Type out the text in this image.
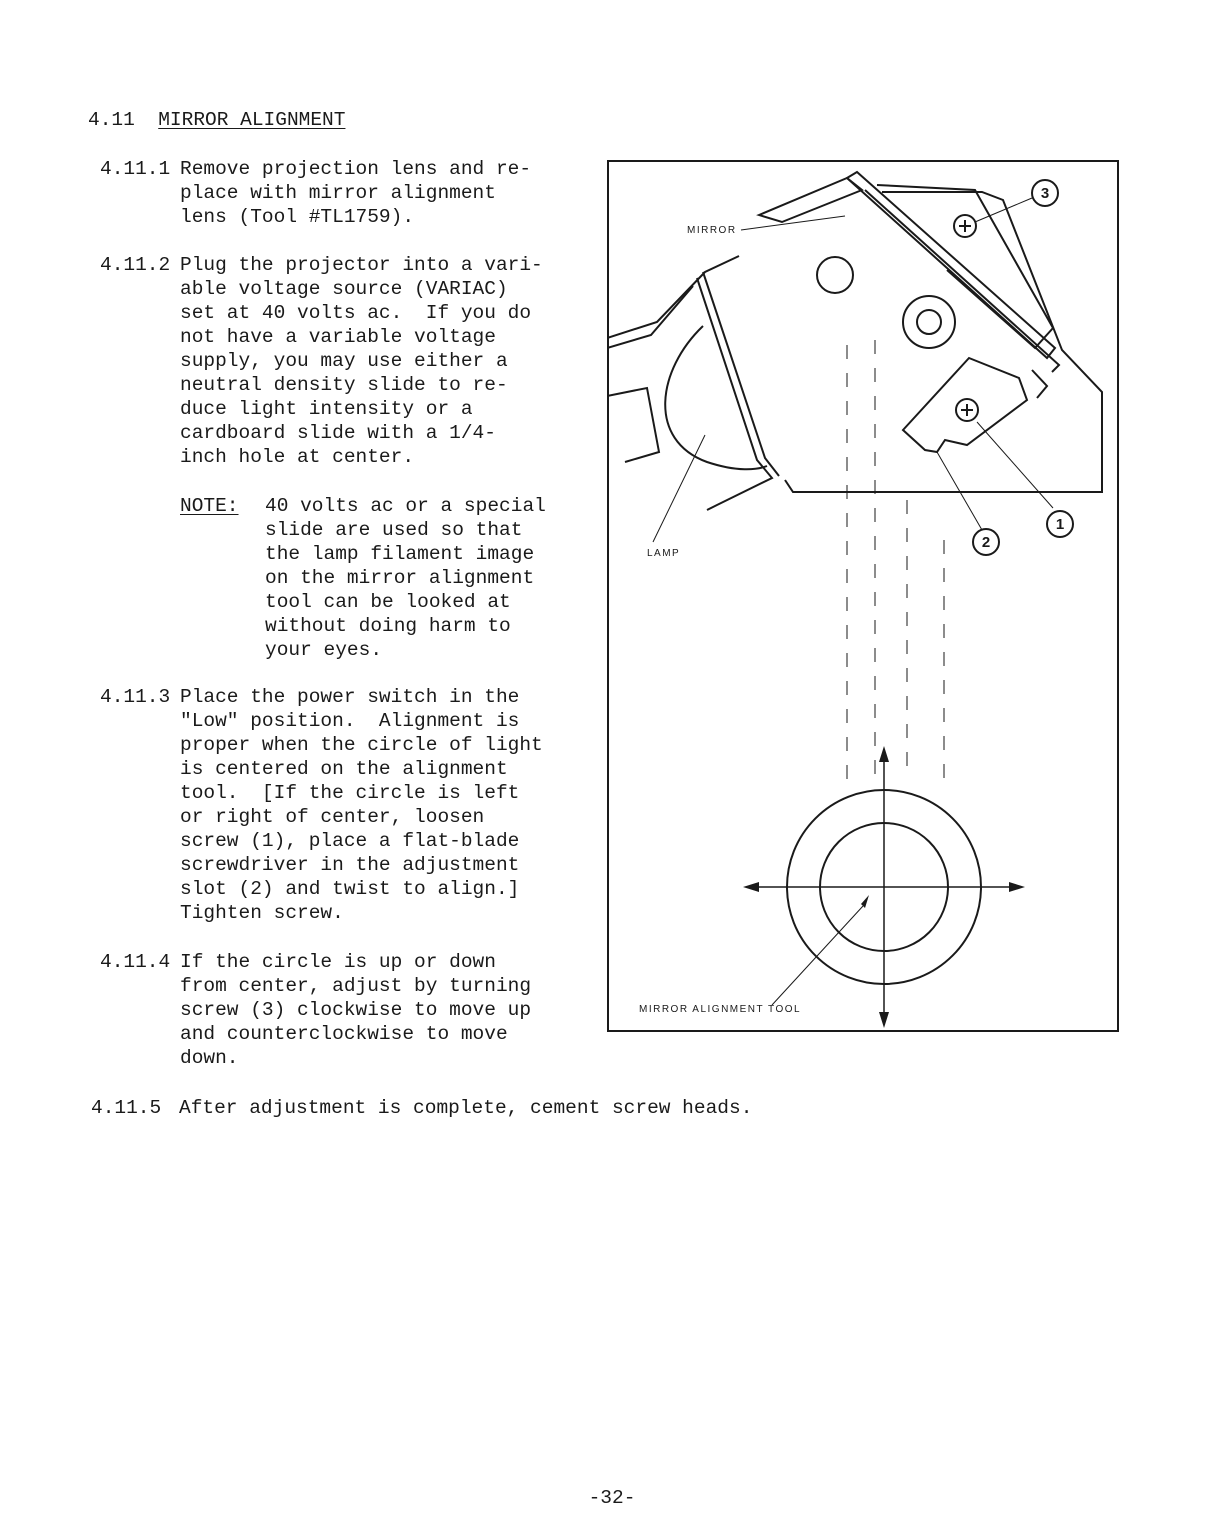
4.11 MIRROR ALIGNMENT
4.11.1 Remove projection lens and re-
place with mirror alignment
lens (Tool #TL1759).
4.11.2 Plug the projector into a vari-
able voltage source (VARIAC)
set at 40 volts ac.  If you do
not have a variable voltage
supply, you may use either a
neutral density slide to re-
duce light intensity or a
cardboard slide with a 1/4-
inch hole at center.
NOTE: 40 volts ac or a special
slide are used so that
the lamp filament image
on the mirror alignment
tool can be looked at
without doing harm to
your eyes.
4.11.3 Place the power switch in the
"Low" position.  Alignment is
proper when the circle of light
is centered on the alignment
tool.  [If the circle is left
or right of center, loosen
screw (1), place a flat-blade
screwdriver in the adjustment
slot (2) and twist to align.]
Tighten screw.
4.11.4 If the circle is up or down
from center, adjust by turning
screw (3) clockwise to move up
and counterclockwise to move
down.
4.11.5 After adjustment is complete, cement screw heads.
3
1
2
MIRROR
LAMP
MIRROR ALIGNMENT TOOL
-32-
